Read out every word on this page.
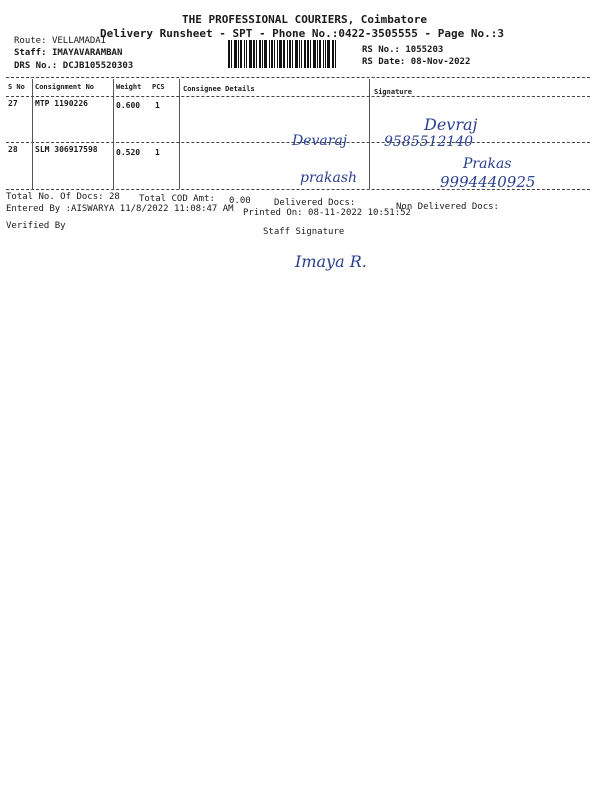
THE PROFESSIONAL COURIERS, Coimbatore
Delivery Runsheet - SPT - Phone No.:0422-3505555 - Page No.:3
Route: VELLAMADAI
Staff: IMAYAVARAMBAN
DRS No.: DCJB105520303
RS No.: 1055203
RS Date: 08-Nov-2022
S No Consignment No	Weight PCS	Consignee Details	Signature
27 MTP 1190226	0.600 1
Devaraj
Devraj
9585512140
28 SLM 306917598 0.520 1
prakash
Prakas
9994440925
Total No. Of Docs: 28 Total COD Amt: 0.00	Delivered Docs:	Non Delivered Docs:
Entered By :AISWARYA 11/8/2022 11:08:47 AM Printed On: 08-11-2022 10:51:52
Verified By
Staff Signature
Imaya R.
